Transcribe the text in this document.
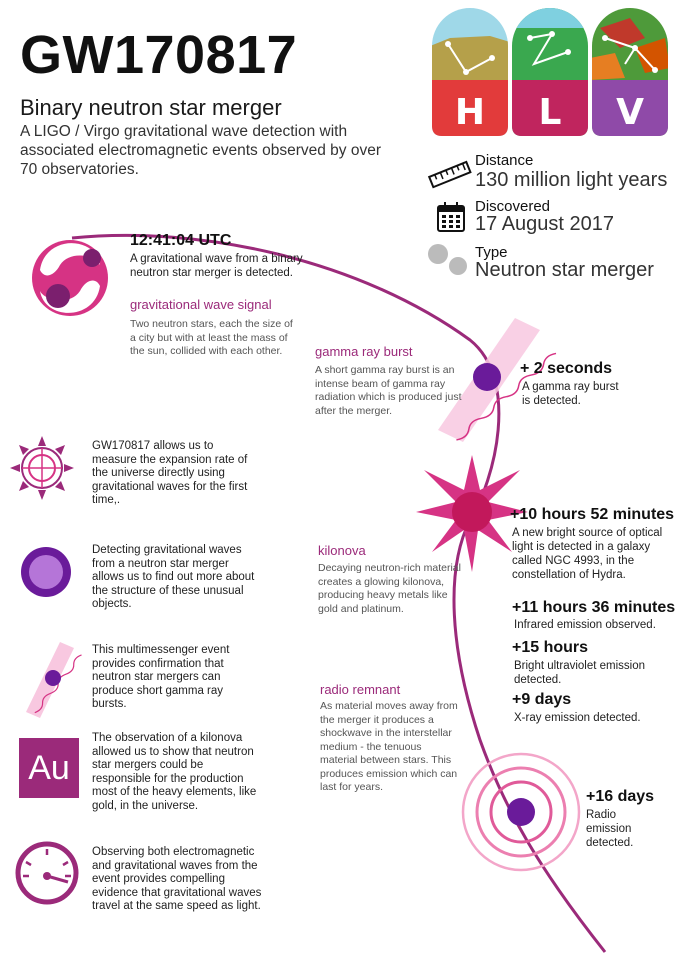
GW170817
Binary neutron star merger
A LIGO / Virgo gravitational wave detection with associated electromagnetic events observed by over 70 observatories.
H L V
Distance
130 million light years
Discovered
17 August 2017
Type
Neutron star merger
12:41:04 UTC
A gravitational wave from a binary neutron star merger is detected.
+ 2 seconds
A gamma ray burst is detected.
+10 hours 52 minutes
A new bright source of optical light is detected in a galaxy called NGC 4993, in the constellation of Hydra.
+11 hours 36 minutes
Infrared emission observed.
+15 hours
Bright ultraviolet emission detected.
+9 days
X-ray emission detected.
+16 days
Radio emission detected.
gravitational wave signal
Two neutron stars, each the size of a city but with at least the mass of the sun, collided with each other.	gamma ray burst
A short gamma ray burst is an intense beam of gamma ray radiation which is produced just after the merger.
kilonova
Decaying neutron-rich material creates a glowing kilonova, producing heavy metals like gold and platinum.
radio remnant
As material moves away from the merger it produces a shockwave in the interstellar medium - the tenuous material between stars. This produces emission which can last for years.
GW170817 allows us to measure the expansion rate of the universe directly using gravitational waves for the first time,.
Detecting gravitational waves from a neutron star merger allows us to find out more about the structure of these unusual objects.
This multimessenger event provides confirmation that neutron star mergers can produce short gamma ray bursts.
Au
The observation of a kilonova allowed us to show that neutron star mergers could be responsible for the production most of the heavy elements, like gold, in the universe.
Observing both electromagnetic and gravitational waves from the event provides compelling evidence that gravitational waves travel at the same speed as light.
